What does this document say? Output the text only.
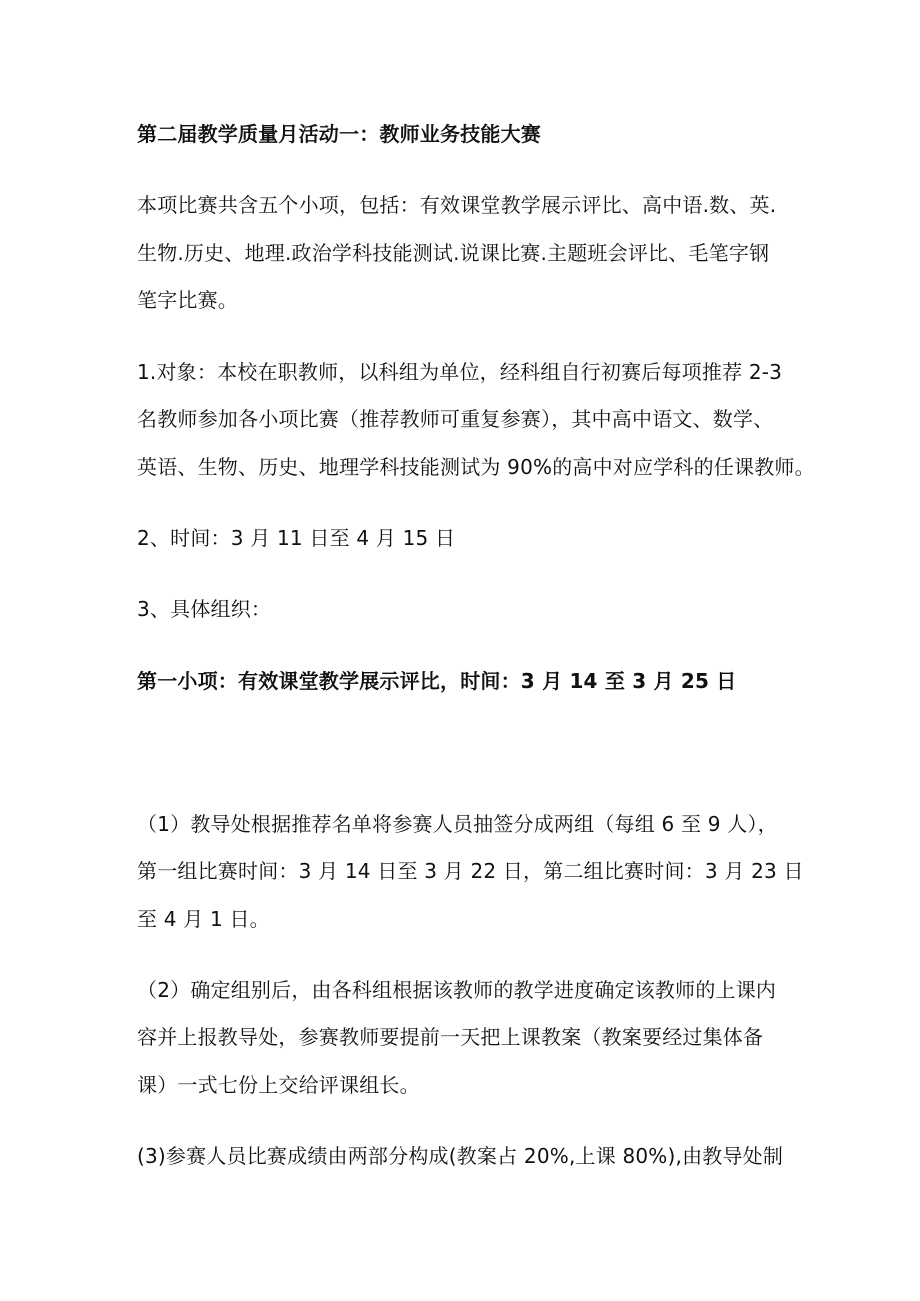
第二届教学质量月活动一：教师业务技能大赛
本项比赛共含五个小项，包括：有效课堂教学展示评比、高中语.数、英.
生物.历史、地理.政治学科技能测试.说课比赛.主题班会评比、毛笔字钢
笔字比赛。
1.对象：本校在职教师，以科组为单位，经科组自行初赛后每项推荐 2-3
名教师参加各小项比赛（推荐教师可重复参赛），其中高中语文、数学、
英语、生物、历史、地理学科技能测试为 90%的高中对应学科的任课教师。
2、时间：3 月 11 日至 4 月 15 日
3、具体组织：
第一小项：有效课堂教学展示评比，时间：3 月 14 至 3 月 25 日
（1）教导处根据推荐名单将参赛人员抽签分成两组（每组 6 至 9 人），
第一组比赛时间：3 月 14 日至 3 月 22 日，第二组比赛时间：3 月 23 日
至 4 月 1 日。
（2）确定组别后，由各科组根据该教师的教学进度确定该教师的上课内
容并上报教导处，参赛教师要提前一天把上课教案（教案要经过集体备
课）一式七份上交给评课组长。
(3)参赛人员比赛成绩由两部分构成(教案占 20%,上课 80%),由教导处制
